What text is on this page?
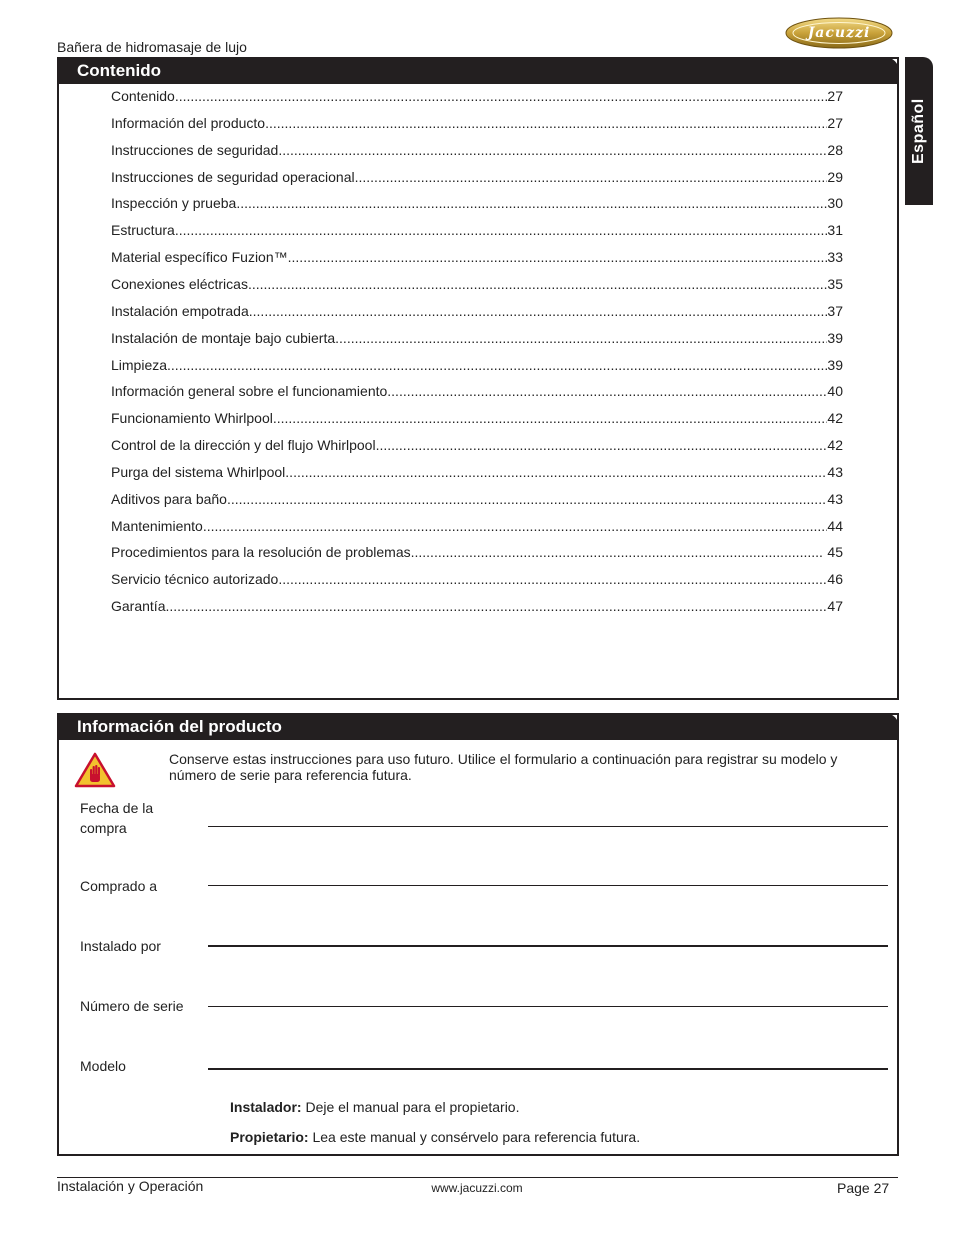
Bañera de hidromasaje de lujo
Jacuzzi
Español
Contenido
Contenido .....	27
Información del producto .....	27
Instrucciones de seguridad .....	28
Instrucciones de seguridad operacional .....	29
Inspección y prueba .....	30
Estructura .....	31
Material específico Fuzion™ .....	33
Conexiones eléctricas .....	35
Instalación empotrada .....	37
Instalación de montaje bajo cubierta .....	39
Limpieza .....	39
Información general sobre el funcionamiento .....	40
Funcionamiento Whirlpool .....	42
Control de la dirección y del flujo Whirlpool .....	42
Purga del sistema Whirlpool .....	43
Aditivos para baño .....	43
Mantenimiento .....	44
Procedimientos para la resolución de problemas .....	45
Servicio técnico autorizado .....	46
Garantía .....	47
Información del producto
Conserve estas instrucciones para uso futuro. Utilice el formulario a continuación para registrar su modelo y número de serie para referencia futura.
Fecha de la compra
Comprado a
Instalado por
Número de serie
Modelo
Instalador: Deje el manual para el propietario.
Propietario: Lea este manual y consérvelo para referencia futura.
Instalación y Operación	www.jacuzzi.com	Page 27
